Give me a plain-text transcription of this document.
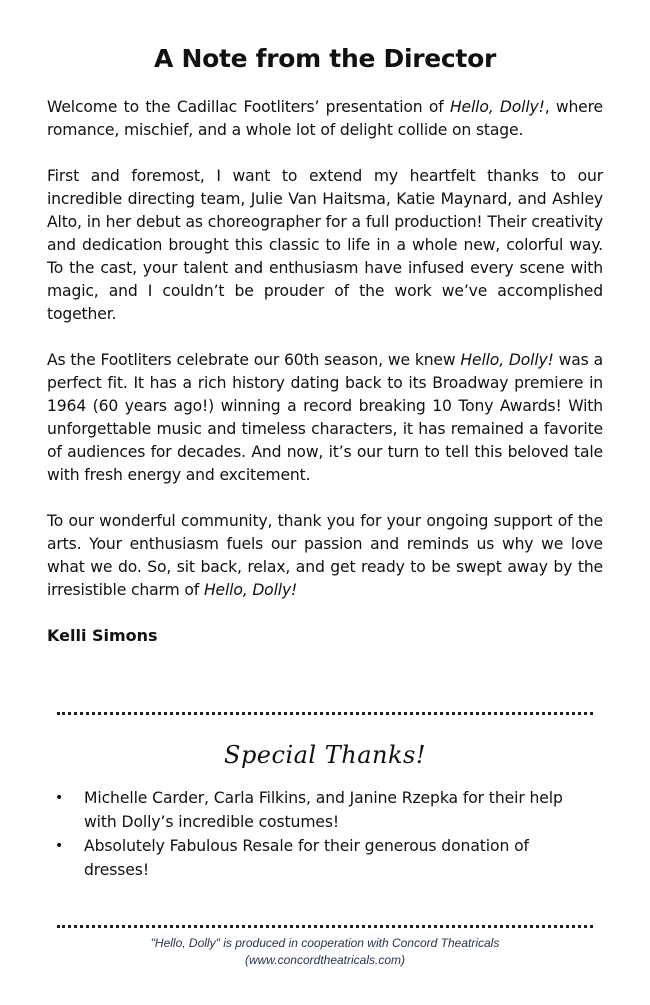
A Note from the Director

Welcome to the Cadillac Footliters’ presentation of Hello, Dolly!, where romance, mischief, and a whole lot of delight collide on stage.

First and foremost, I want to extend my heartfelt thanks to our incredible directing team, Julie Van Haitsma, Katie Maynard, and Ashley Alto, in her debut as choreographer for a full production! Their creativity and dedication brought this classic to life in a whole new, colorful way. To the cast, your talent and enthusiasm have infused every scene with magic, and I couldn’t be prouder of the work we’ve accomplished together.

As the Footliters celebrate our 60th season, we knew Hello, Dolly! was a perfect fit. It has a rich history dating back to its Broadway premiere in 1964 (60 years ago!) winning a record breaking 10 Tony Awards! With unforgettable music and timeless characters, it has remained a favorite of audiences for decades. And now, it’s our turn to tell this beloved tale with fresh energy and excitement.

To our wonderful community, thank you for your ongoing support of the arts. Your enthusiasm fuels our passion and reminds us why we love what we do. So, sit back, relax, and get ready to be swept away by the irresistible charm of Hello, Dolly!

Kelli Simons

Special Thanks!
• Michelle Carder, Carla Filkins, and Janine Rzepka for their help with Dolly’s incredible costumes!
• Absolutely Fabulous Resale for their generous donation of dresses!
"Hello, Dolly" is produced in cooperation with Concord Theatricals
(www.concordtheatricals.com)
